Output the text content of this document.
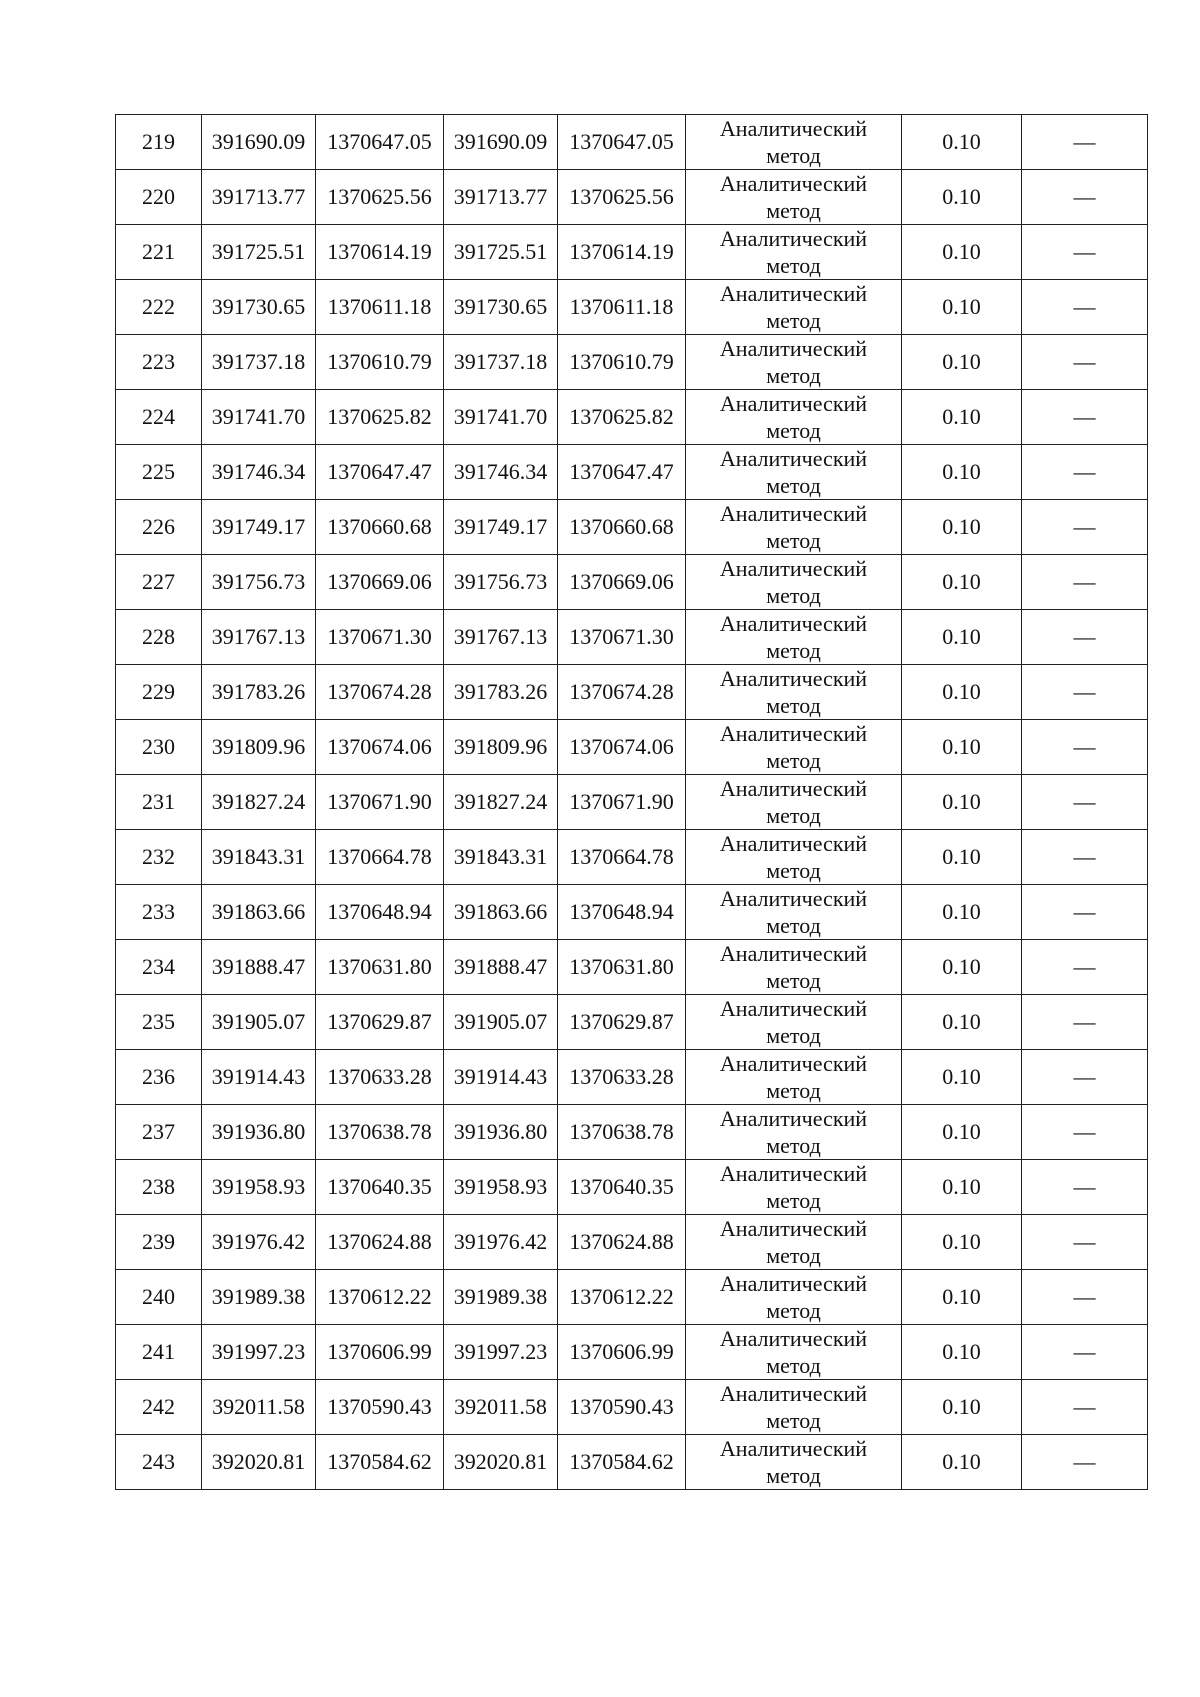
219	391690.09	1370647.05	391690.09	1370647.05	Аналитический
метод	0.10	—
220	391713.77	1370625.56	391713.77	1370625.56	Аналитический
метод	0.10	—
221	391725.51	1370614.19	391725.51	1370614.19	Аналитический
метод	0.10	—
222	391730.65	1370611.18	391730.65	1370611.18	Аналитический
метод	0.10	—
223	391737.18	1370610.79	391737.18	1370610.79	Аналитический
метод	0.10	—
224	391741.70	1370625.82	391741.70	1370625.82	Аналитический
метод	0.10	—
225	391746.34	1370647.47	391746.34	1370647.47	Аналитический
метод	0.10	—
226	391749.17	1370660.68	391749.17	1370660.68	Аналитический
метод	0.10	—
227	391756.73	1370669.06	391756.73	1370669.06	Аналитический
метод	0.10	—
228	391767.13	1370671.30	391767.13	1370671.30	Аналитический
метод	0.10	—
229	391783.26	1370674.28	391783.26	1370674.28	Аналитический
метод	0.10	—
230	391809.96	1370674.06	391809.96	1370674.06	Аналитический
метод	0.10	—
231	391827.24	1370671.90	391827.24	1370671.90	Аналитический
метод	0.10	—
232	391843.31	1370664.78	391843.31	1370664.78	Аналитический
метод	0.10	—
233	391863.66	1370648.94	391863.66	1370648.94	Аналитический
метод	0.10	—
234	391888.47	1370631.80	391888.47	1370631.80	Аналитический
метод	0.10	—
235	391905.07	1370629.87	391905.07	1370629.87	Аналитический
метод	0.10	—
236	391914.43	1370633.28	391914.43	1370633.28	Аналитический
метод	0.10	—
237	391936.80	1370638.78	391936.80	1370638.78	Аналитический
метод	0.10	—
238	391958.93	1370640.35	391958.93	1370640.35	Аналитический
метод	0.10	—
239	391976.42	1370624.88	391976.42	1370624.88	Аналитический
метод	0.10	—
240	391989.38	1370612.22	391989.38	1370612.22	Аналитический
метод	0.10	—
241	391997.23	1370606.99	391997.23	1370606.99	Аналитический
метод	0.10	—
242	392011.58	1370590.43	392011.58	1370590.43	Аналитический
метод	0.10	—
243	392020.81	1370584.62	392020.81	1370584.62	Аналитический
метод	0.10	—
